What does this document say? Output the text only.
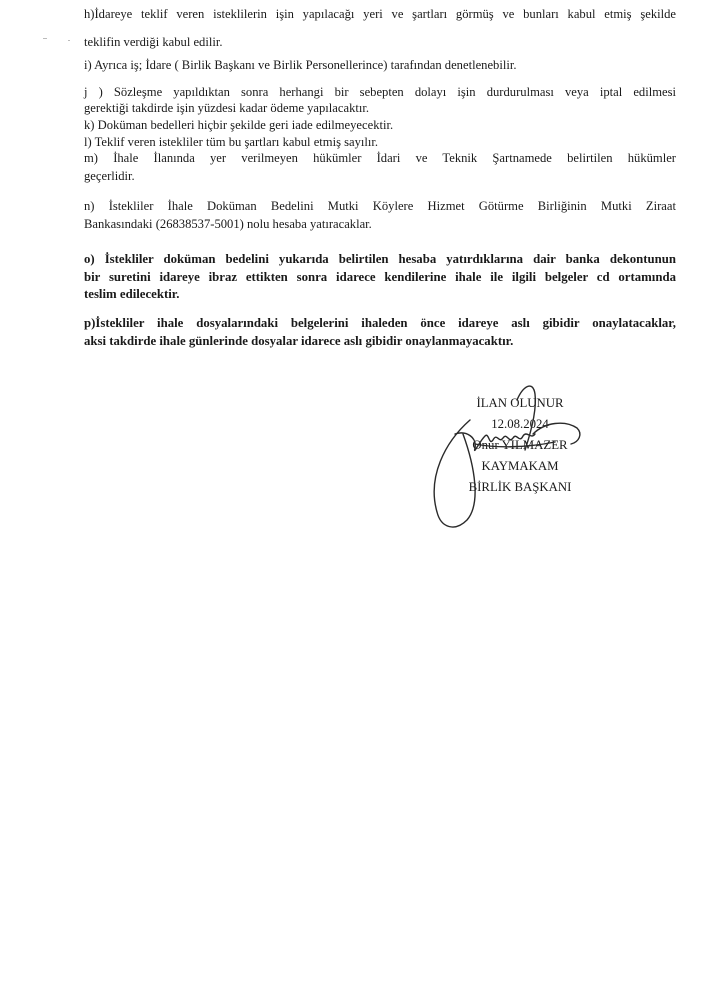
h)İdareye teklif veren isteklilerin işin yapılacağı yeri ve şartları görmüş ve bunları kabul etmiş şekilde
teklifin verdiği kabul edilir.

i) Ayrıca iş; İdare ( Birlik Başkanı ve Birlik Personellerince) tarafından denetlenebilir.

j ) Sözleşme yapıldıktan sonra herhangi bir sebepten dolayı işin durdurulması veya iptal edilmesi
gerektiği takdirde işin yüzdesi kadar ödeme yapılacaktır.

k) Doküman bedelleri hiçbir şekilde geri iade edilmeyecektir.

l) Teklif veren istekliler tüm bu şartları kabul etmiş sayılır.

m) İhale İlanında yer verilmeyen hükümler İdari ve Teknik Şartnamede belirtilen hükümler
geçerlidir.

n) İstekliler İhale Doküman Bedelini Mutki Köylere Hizmet Götürme Birliğinin Mutki Ziraat
Bankasındaki (26838537-5001) nolu hesaba yatıracaklar.

o) İstekliler doküman bedelini yukarıda belirtilen hesaba yatırdıklarına dair banka dekontunun
bir suretini idareye ibraz ettikten sonra idarece kendilerine ihale ile ilgili belgeler cd ortamında
teslim edilecektir.

p)İstekliler ihale dosyalarındaki belgelerini ihaleden önce idareye aslı gibidir onaylatacaklar,
aksi takdirde ihale günlerinde dosyalar idarece aslı gibidir onaylanmayacaktır.

İLAN OLUNUR
12.08.2024
Onur YILMAZER
KAYMAKAM
BİRLİK BAŞKANI
